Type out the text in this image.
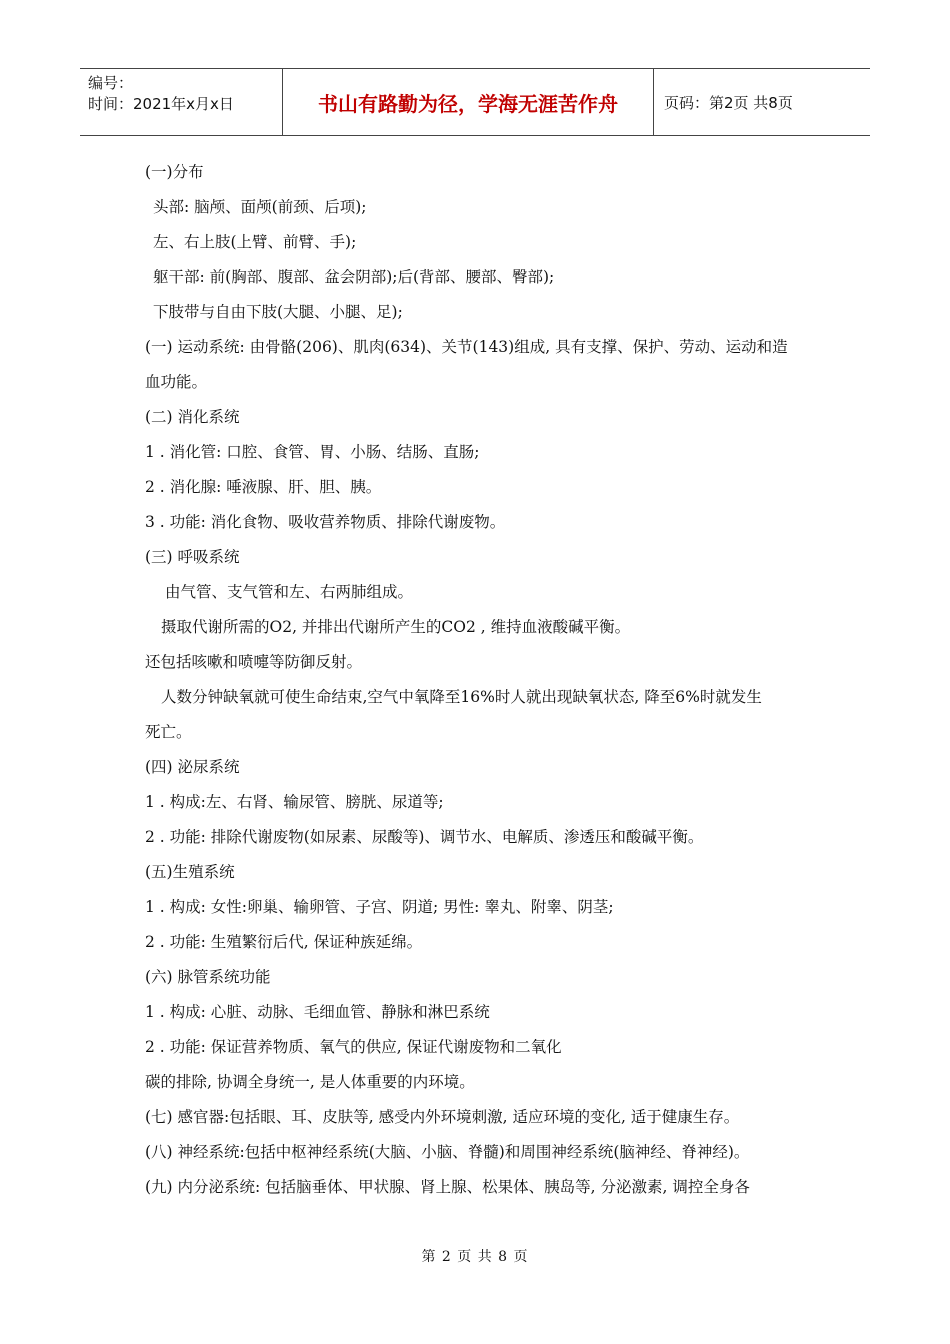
编号：
时间：2021年x月x日	书山有路勤为径，学海无涯苦作舟	页码：第2页 共8页
(一)分布
头部: 脑颅、面颅(前颈、后项);
左、右上肢(上臂、前臂、手);
躯干部: 前(胸部、腹部、盆会阴部);后(背部、腰部、臀部);
下肢带与自由下肢(大腿、小腿、足);
(一) 运动系统: 由骨骼(206)、肌肉(634)、关节(143)组成, 具有支撑、保护、劳动、运动和造
血功能。
(二) 消化系统
1 . 消化管: 口腔、食管、胃、小肠、结肠、直肠;
2 . 消化腺: 唾液腺、肝、胆、胰。
3 . 功能: 消化食物、吸收营养物质、排除代谢废物。
(三) 呼吸系统
由气管、支气管和左、右两肺组成。
摄取代谢所需的O2, 并排出代谢所产生的CO2 , 维持血液酸碱平衡。
还包括咳嗽和喷嚏等防御反射。
人数分钟缺氧就可使生命结束,空气中氧降至16%时人就出现缺氧状态, 降至6%时就发生
死亡。
(四) 泌尿系统
1 . 构成:左、右肾、输尿管、膀胱、尿道等;
2 . 功能: 排除代谢废物(如尿素、尿酸等)、调节水、电解质、渗透压和酸碱平衡。
(五)生殖系统
1 . 构成: 女性:卵巢、输卵管、子宫、阴道; 男性: 睾丸、附睾、阴茎;
2 . 功能: 生殖繁衍后代, 保证种族延绵。
(六) 脉管系统功能
1 . 构成: 心脏、动脉、毛细血管、静脉和淋巴系统
2 . 功能: 保证营养物质、氧气的供应, 保证代谢废物和二氧化
碳的排除, 协调全身统一, 是人体重要的内环境。
(七) 感官器:包括眼、耳、皮肤等, 感受内外环境刺激, 适应环境的变化, 适于健康生存。
(八) 神经系统:包括中枢神经系统(大脑、小脑、脊髓)和周围神经系统(脑神经、脊神经)。
(九) 内分泌系统: 包括脑垂体、甲状腺、肾上腺、松果体、胰岛等, 分泌激素, 调控全身各
第 2 页 共 8 页
